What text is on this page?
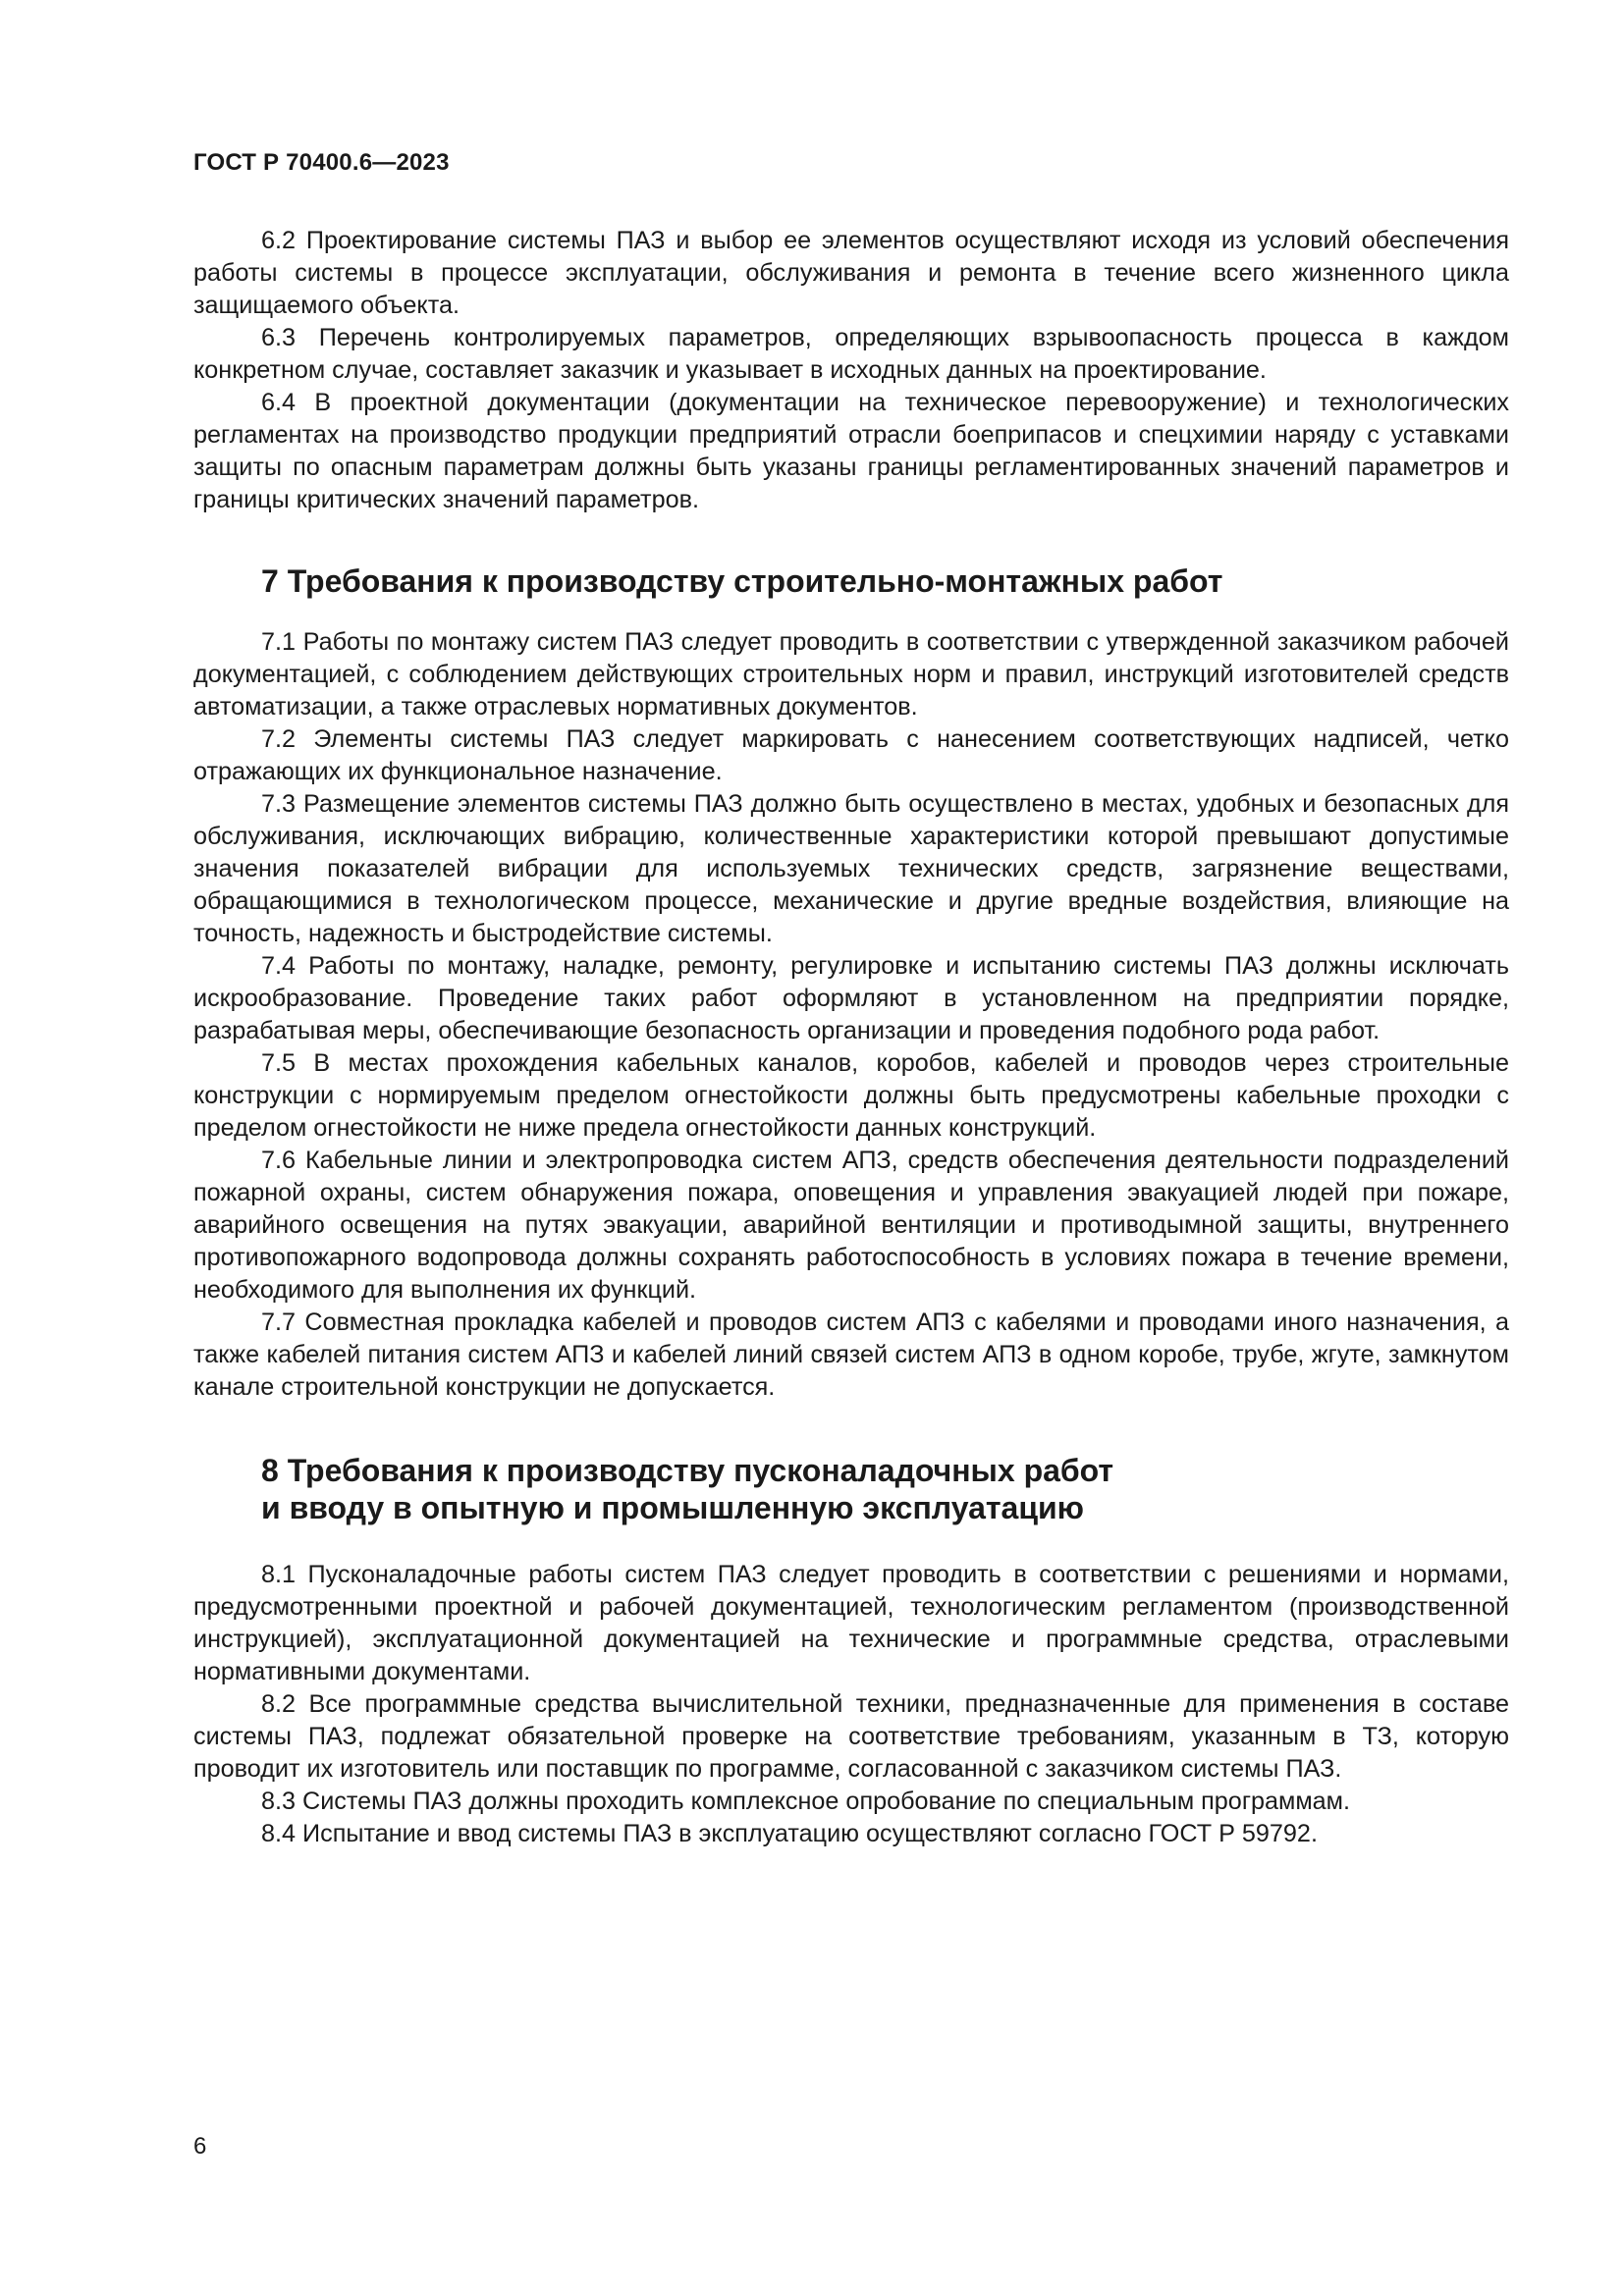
ГОСТ Р 70400.6—2023

6.2 Проектирование системы ПАЗ и выбор ее элементов осуществляют исходя из условий обеспечения работы системы в процессе эксплуатации, обслуживания и ремонта в течение всего жизненного цикла защищаемого объекта.

6.3 Перечень контролируемых параметров, определяющих взрывоопасность процесса в каждом конкретном случае, составляет заказчик и указывает в исходных данных на проектирование.

6.4 В проектной документации (документации на техническое перевооружение) и технологических регламентах на производство продукции предприятий отрасли боеприпасов и спецхимии наряду с уставками защиты по опасным параметрам должны быть указаны границы регламентированных значений параметров и границы критических значений параметров.

7 Требования к производству строительно-монтажных работ

7.1 Работы по монтажу систем ПАЗ следует проводить в соответствии с утвержденной заказчиком рабочей документацией, с соблюдением действующих строительных норм и правил, инструкций изготовителей средств автоматизации, а также отраслевых нормативных документов.

7.2 Элементы системы ПАЗ следует маркировать с нанесением соответствующих надписей, четко отражающих их функциональное назначение.

7.3 Размещение элементов системы ПАЗ должно быть осуществлено в местах, удобных и безопасных для обслуживания, исключающих вибрацию, количественные характеристики которой превышают допустимые значения показателей вибрации для используемых технических средств, загрязнение веществами, обращающимися в технологическом процессе, механические и другие вредные воздействия, влияющие на точность, надежность и быстродействие системы.

7.4 Работы по монтажу, наладке, ремонту, регулировке и испытанию системы ПАЗ должны исключать искрообразование. Проведение таких работ оформляют в установленном на предприятии порядке, разрабатывая меры, обеспечивающие безопасность организации и проведения подобного рода работ.

7.5 В местах прохождения кабельных каналов, коробов, кабелей и проводов через строительные конструкции с нормируемым пределом огнестойкости должны быть предусмотрены кабельные проходки с пределом огнестойкости не ниже предела огнестойкости данных конструкций.

7.6 Кабельные линии и электропроводка систем АПЗ, средств обеспечения деятельности подразделений пожарной охраны, систем обнаружения пожара, оповещения и управления эвакуацией людей при пожаре, аварийного освещения на путях эвакуации, аварийной вентиляции и противодымной защиты, внутреннего противопожарного водопровода должны сохранять работоспособность в условиях пожара в течение времени, необходимого для выполнения их функций.

7.7 Совместная прокладка кабелей и проводов систем АПЗ с кабелями и проводами иного назначения, а также кабелей питания систем АПЗ и кабелей линий связей систем АПЗ в одном коробе, трубе, жгуте, замкнутом канале строительной конструкции не допускается.

8 Требования к производству пусконаладочных работ
и вводу в опытную и промышленную эксплуатацию

8.1 Пусконаладочные работы систем ПАЗ следует проводить в соответствии с решениями и нормами, предусмотренными проектной и рабочей документацией, технологическим регламентом (производственной инструкцией), эксплуатационной документацией на технические и программные средства, отраслевыми нормативными документами.

8.2 Все программные средства вычислительной техники, предназначенные для применения в составе системы ПАЗ, подлежат обязательной проверке на соответствие требованиям, указанным в ТЗ, которую проводит их изготовитель или поставщик по программе, согласованной с заказчиком системы ПАЗ.

8.3 Системы ПАЗ должны проходить комплексное опробование по специальным программам.

8.4 Испытание и ввод системы ПАЗ в эксплуатацию осуществляют согласно ГОСТ Р 59792.

6
